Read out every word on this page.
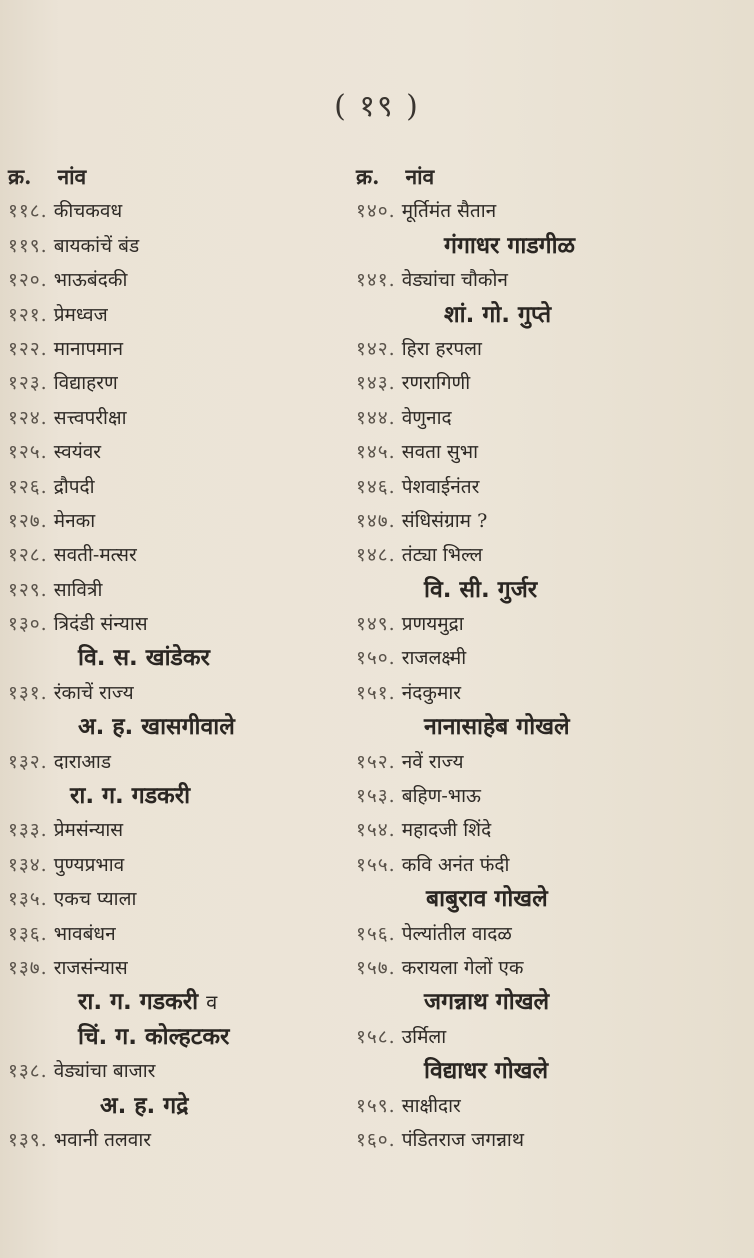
( १९ )
क्र. नांव
११८. कीचकवध
११९. बायकांचें बंड
१२०. भाऊबंदकी
१२१. प्रेमध्वज
१२२. मानापमान
१२३. विद्याहरण
१२४. सत्त्वपरीक्षा
१२५. स्वयंवर
१२६. द्रौपदी
१२७. मेनका
१२८. सवती-मत्सर
१२९. सावित्री
१३०. त्रिदंडी संन्यास
वि. स. खांडेकर
१३१. रंकाचें राज्य
अ. ह. खासगीवाले
१३२. दाराआड
रा. ग. गडकरी
१३३. प्रेमसंन्यास
१३४. पुण्यप्रभाव
१३५. एकच प्याला
१३६. भावबंधन
१३७. राजसंन्यास
रा. ग. गडकरी व
चिं. ग. कोल्हटकर
१३८. वेड्यांचा बाजार
अ. ह. गद्रे
१३९. भवानी तलवार
क्र. नांव
१४०. मूर्तिमंत सैतान
गंगाधर गाडगीळ
१४१. वेड्यांचा चौकोन
शां. गो. गुप्ते
१४२. हिरा हरपला
१४३. रणरागिणी
१४४. वेणुनाद
१४५. सवता सुभा
१४६. पेशवाईनंतर
१४७. संधिसंग्राम ?
१४८. तंट्या भिल्ल
वि. सी. गुर्जर
१४९. प्रणयमुद्रा
१५०. राजलक्ष्मी
१५१. नंदकुमार
नानासाहेब गोखले
१५२. नवें राज्य
१५३. बहिण-भाऊ
१५४. महादजी शिंदे
१५५. कवि अनंत फंदी
बाबुराव गोखले
१५६. पेल्यांतील वादळ
१५७. करायला गेलों एक
जगन्नाथ गोखले
१५८. उर्मिला
विद्याधर गोखले
१५९. साक्षीदार
१६०. पंडितराज जगन्नाथ
